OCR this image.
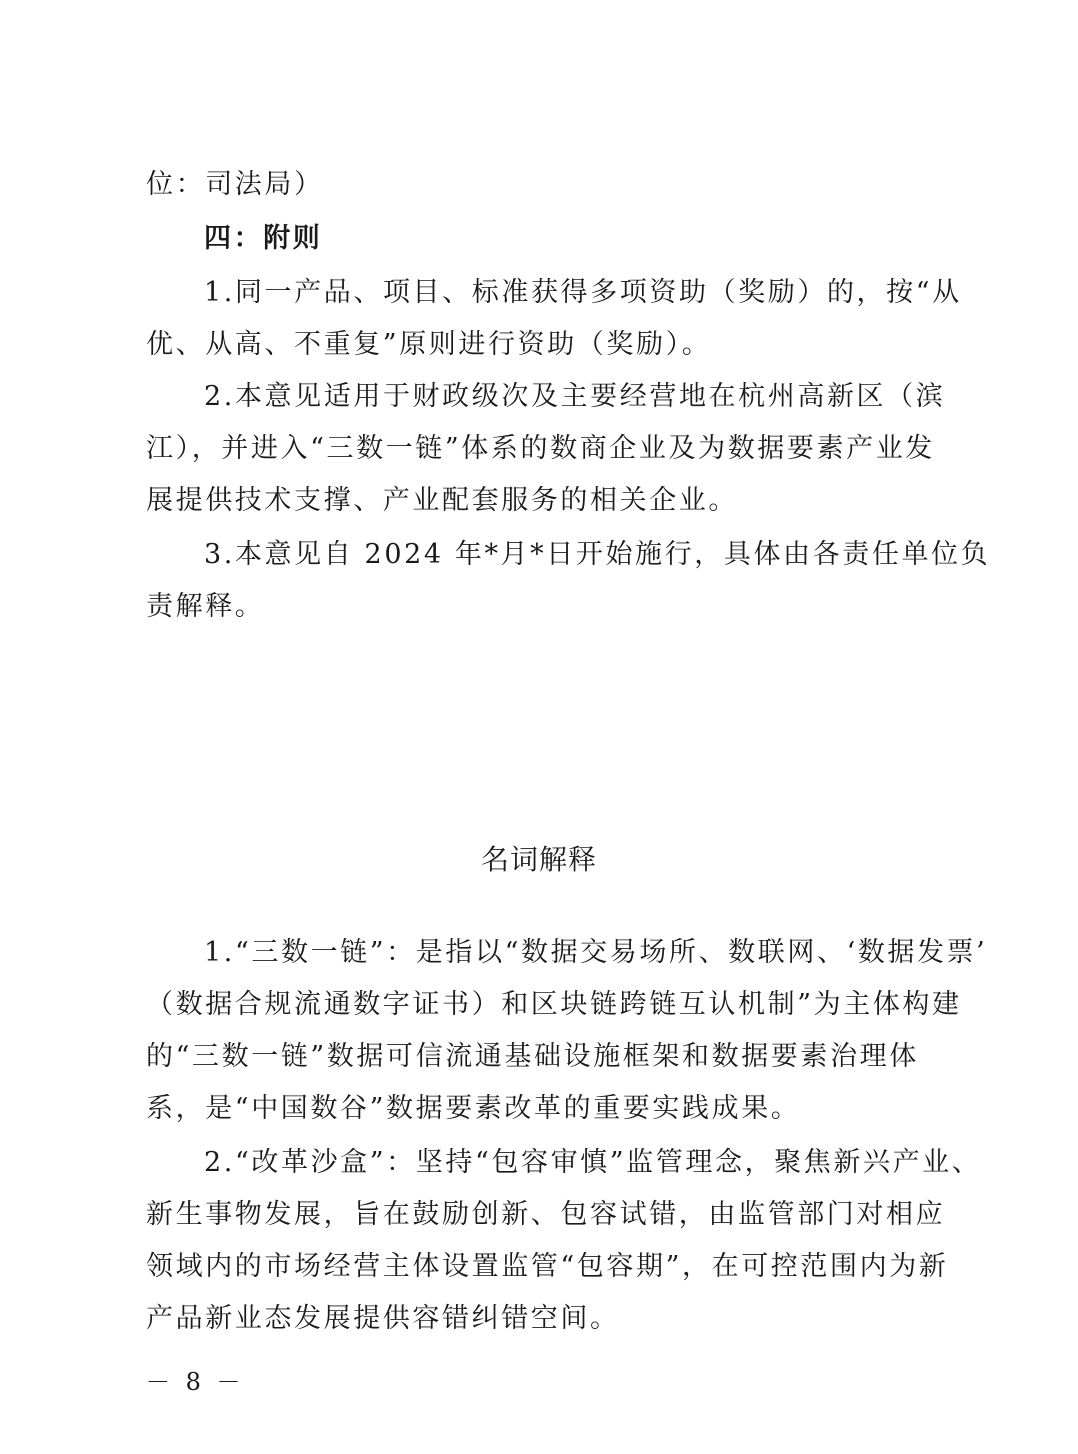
位：司法局）
四：附则
1.同一产品、项目、标准获得多项资助（奖励）的，按“从
优、从高、不重复”原则进行资助（奖励）。
2.本意见适用于财政级次及主要经营地在杭州高新区（滨
江），并进入“三数一链”体系的数商企业及为数据要素产业发
展提供技术支撑、产业配套服务的相关企业。
3.本意见自 2024 年*月*日开始施行，具体由各责任单位负
责解释。
名词解释
1.“三数一链”：是指以“数据交易场所、数联网、‘数据发票’
（数据合规流通数字证书）和区块链跨链互认机制”为主体构建
的“三数一链”数据可信流通基础设施框架和数据要素治理体
系，是“中国数谷”数据要素改革的重要实践成果。
2.“改革沙盒”：坚持“包容审慎”监管理念，聚焦新兴产业、
新生事物发展，旨在鼓励创新、包容试错，由监管部门对相应
领域内的市场经营主体设置监管“包容期”，在可控范围内为新
产品新业态发展提供容错纠错空间。
－ 8 －
